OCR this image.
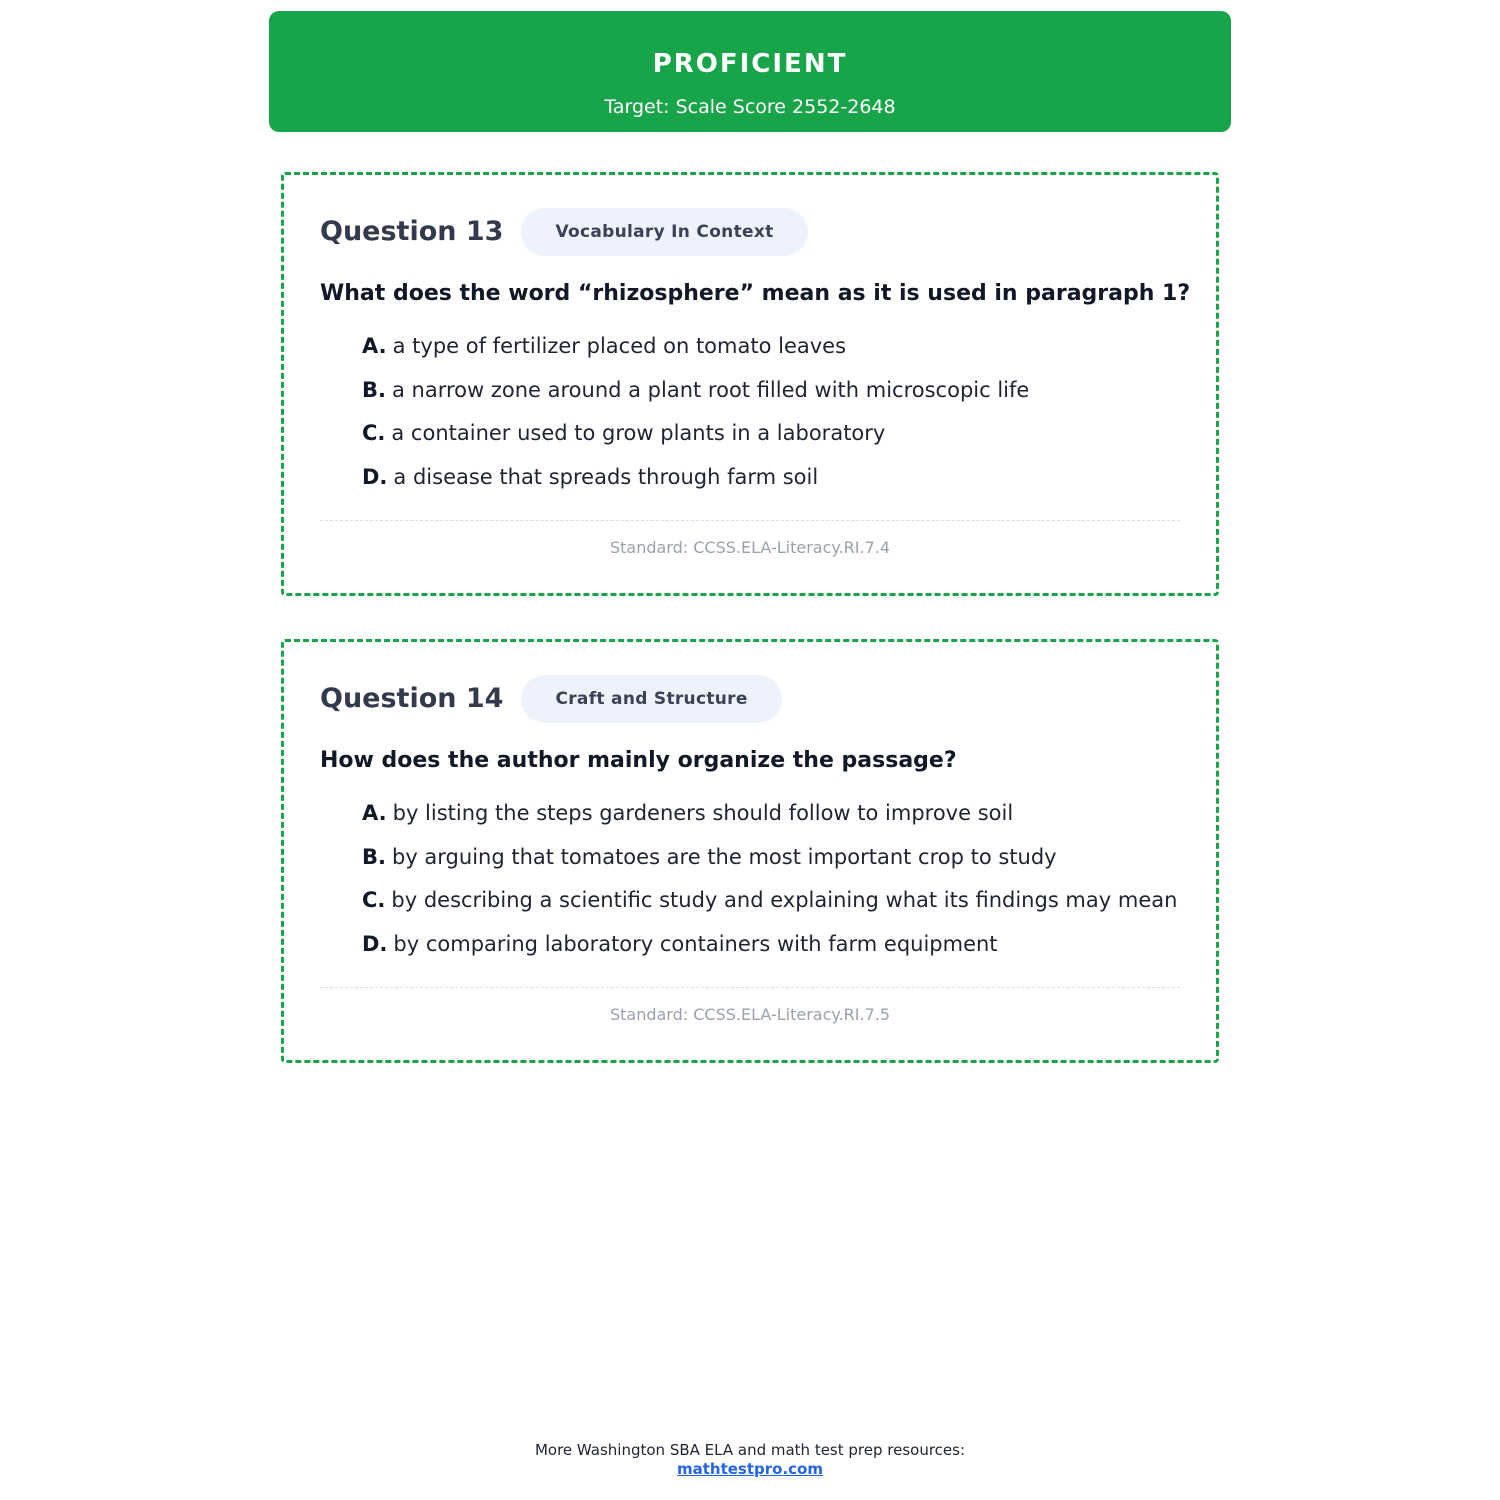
PROFICIENT
Target: Scale Score 2552-2648
Question 13	Vocabulary In Context
What does the word “rhizosphere” mean as it is used in paragraph 1?
A. a type of fertilizer placed on tomato leaves
B. a narrow zone around a plant root filled with microscopic life
C. a container used to grow plants in a laboratory
D. a disease that spreads through farm soil
Standard: CCSS.ELA-Literacy.RI.7.4
Question 14	Craft and Structure
How does the author mainly organize the passage?
A. by listing the steps gardeners should follow to improve soil
B. by arguing that tomatoes are the most important crop to study
C. by describing a scientific study and explaining what its findings may mean
D. by comparing laboratory containers with farm equipment
Standard: CCSS.ELA-Literacy.RI.7.5
More Washington SBA ELA and math test prep resources:
mathtestpro.com
